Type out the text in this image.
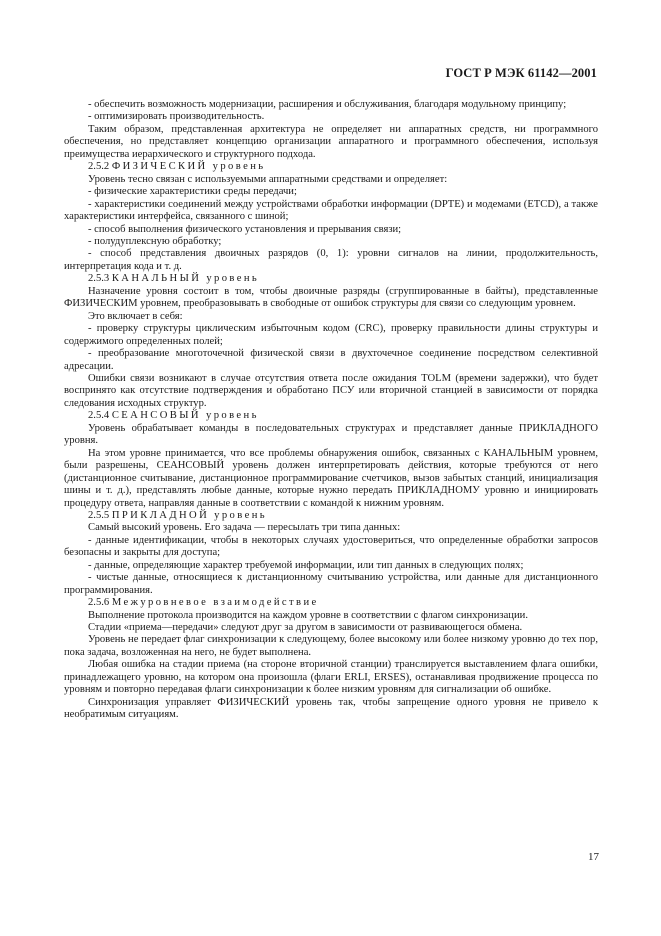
ГОСТ Р МЭК 61142—2001

- обеспечить возможность модернизации, расширения и обслуживания, благодаря модульному принципу;

- оптимизировать производительность.

Таким образом, представленная архитектура не определяет ни аппаратных средств, ни программного обеспечения, но представляет концепцию организации аппаратного и программного обеспечения, используя преимущества иерархического и структурного подхода.

2.5.2 ФИЗИЧЕСКИЙ уровень

Уровень тесно связан с используемыми аппаратными средствами и определяет:

- физические характеристики среды передачи;

- характеристики соединений между устройствами обработки информации (DPTE) и модемами (ETCD), а также характеристики интерфейса, связанного с шиной;

- способ выполнения физического установления и прерывания связи;

- полудуплексную обработку;

- способ представления двоичных разрядов (0, 1): уровни сигналов на линии, продолжительность, интерпретация кода и т. д.

2.5.3 КАНАЛЬНЫЙ уровень

Назначение уровня состоит в том, чтобы двоичные разряды (сгруппированные в байты), представленные ФИЗИЧЕСКИМ уровнем, преобразовывать в свободные от ошибок структуры для связи со следующим уровнем.

Это включает в себя:

- проверку структуры циклическим избыточным кодом (CRC), проверку правильности длины структуры и содержимого определенных полей;

- преобразование многоточечной физической связи в двухточечное соединение посредством селективной адресации.

Ошибки связи возникают в случае отсутствия ответа после ожидания TOLM (времени задержки), что будет воспринято как отсутствие подтверждения и обработано ПСУ или вторичной станцией в зависимости от порядка следования исходных структур.

2.5.4 СЕАНСОВЫЙ уровень

Уровень обрабатывает команды в последовательных структурах и представляет данные ПРИКЛАДНОГО уровня.

На этом уровне принимается, что все проблемы обнаружения ошибок, связанных с КАНАЛЬНЫМ уровнем, были разрешены, СЕАНСОВЫЙ уровень должен интерпретировать действия, которые требуются от него (дистанционное считывание, дистанционное программирование счетчиков, вызов забытых станций, инициализация шины и т. д.), представлять любые данные, которые нужно передать ПРИКЛАДНОМУ уровню и инициировать процедуру ответа, направляя данные в соответствии с командой к нижним уровням.

2.5.5 ПРИКЛАДНОЙ уровень

Самый высокий уровень. Его задача — пересылать три типа данных:

- данные идентификации, чтобы в некоторых случаях удостовериться, что определенные обработки запросов безопасны и закрыты для доступа;

- данные, определяющие характер требуемой информации, или тип данных в следующих полях;

- чистые данные, относящиеся к дистанционному считыванию устройства, или данные для дистанционного программирования.

2.5.6 Межуровневое взаимодействие

Выполнение протокола производится на каждом уровне в соответствии с флагом синхронизации.

Стадии «приема—передачи» следуют друг за другом в зависимости от развивающегося обмена.

Уровень не передает флаг синхронизации к следующему, более высокому или более низкому уровню до тех пор, пока задача, возложенная на него, не будет выполнена.

Любая ошибка на стадии приема (на стороне вторичной станции) транслируется выставлением флага ошибки, принадлежащего уровню, на котором она произошла (флаги ERLI, ERSES), останавливая продвижение процесса по уровням и повторно передавая флаги синхронизации к более низким уровням для сигнализации об ошибке.

Синхронизация управляет ФИЗИЧЕСКИЙ уровень так, чтобы запрещение одного уровня не привело к необратимым ситуациям.

17
